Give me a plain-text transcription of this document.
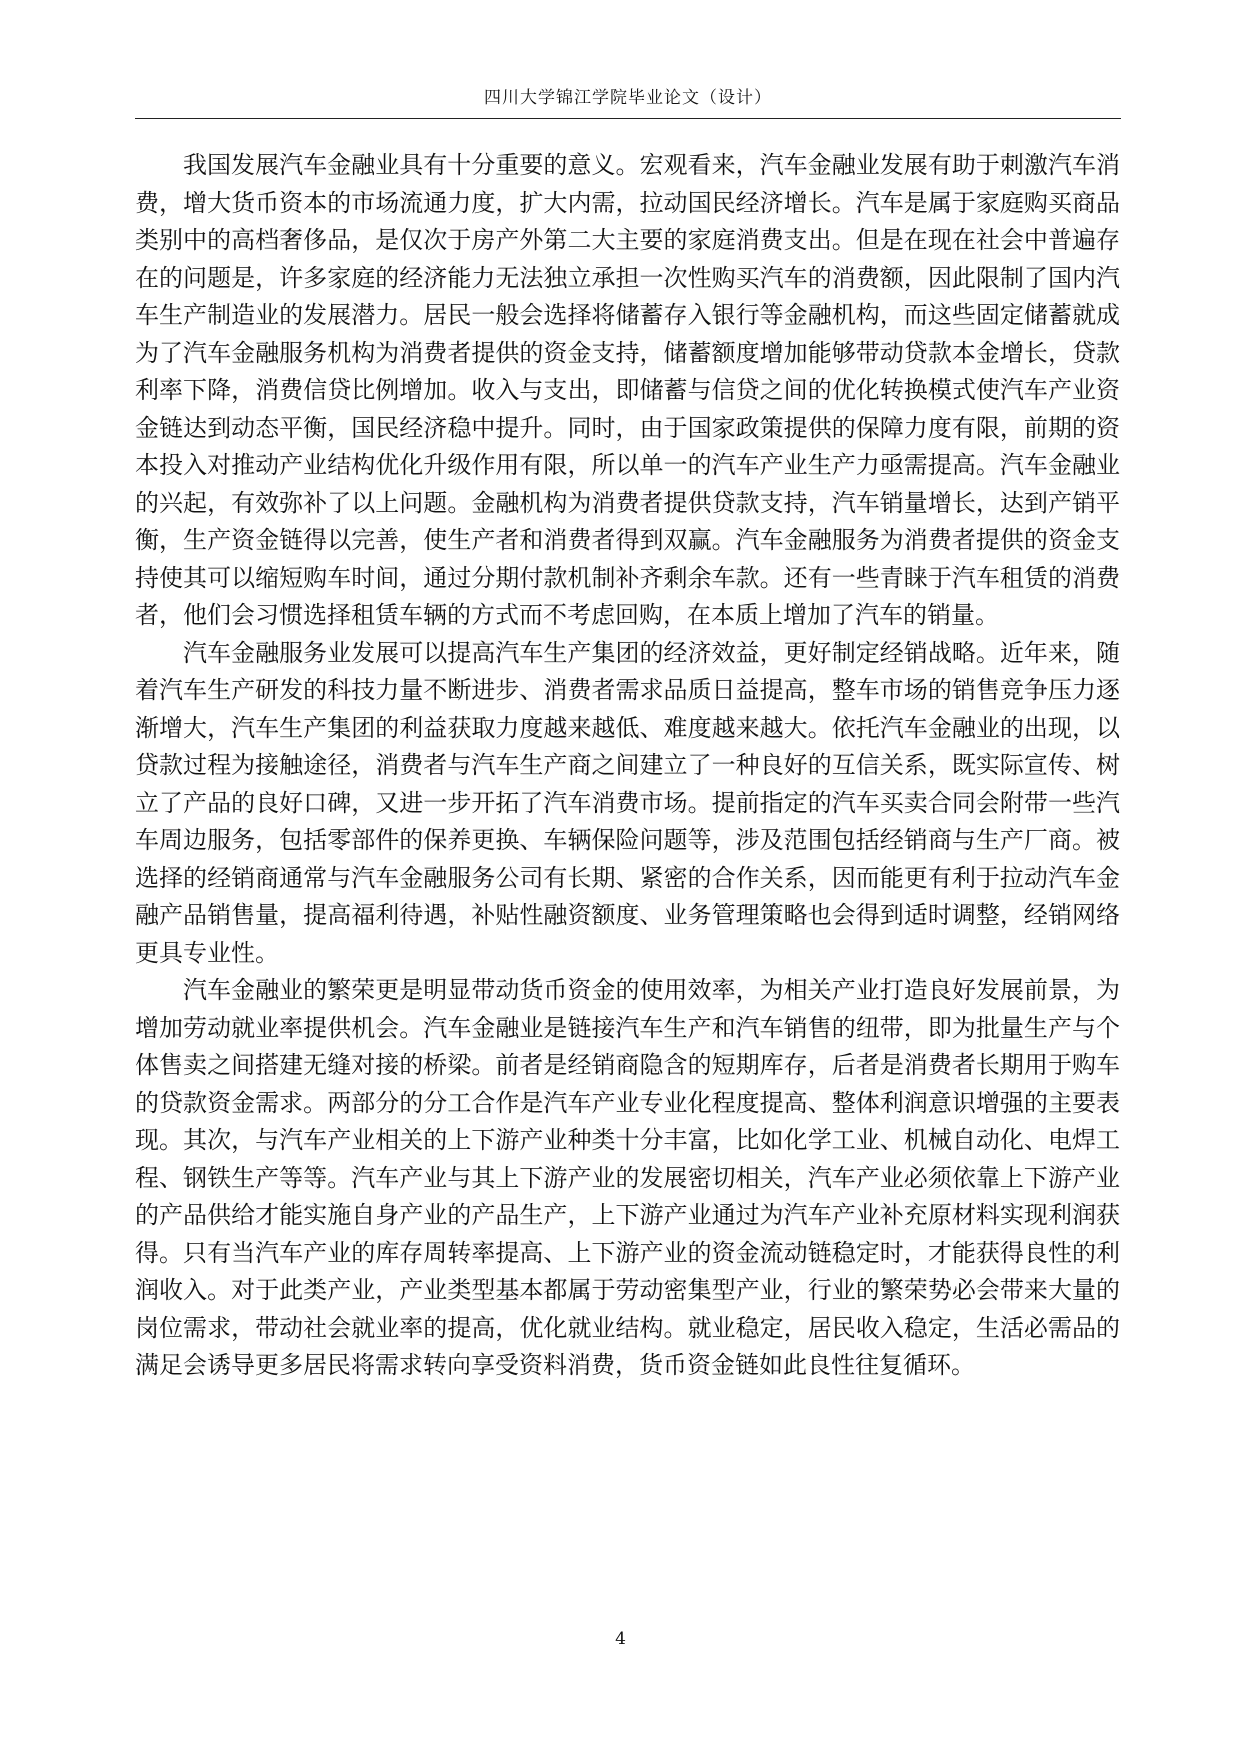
四川大学锦江学院毕业论文（设计）

我国发展汽车金融业具有十分重要的意义。宏观看来，汽车金融业发展有助于刺激汽车消费，增大货币资本的市场流通力度，扩大内需，拉动国民经济增长。汽车是属于家庭购买商品类别中的高档奢侈品，是仅次于房产外第二大主要的家庭消费支出。但是在现在社会中普遍存在的问题是，许多家庭的经济能力无法独立承担一次性购买汽车的消费额，因此限制了国内汽车生产制造业的发展潜力。居民一般会选择将储蓄存入银行等金融机构，而这些固定储蓄就成为了汽车金融服务机构为消费者提供的资金支持，储蓄额度增加能够带动贷款本金增长，贷款利率下降，消费信贷比例增加。收入与支出，即储蓄与信贷之间的优化转换模式使汽车产业资金链达到动态平衡，国民经济稳中提升。同时，由于国家政策提供的保障力度有限，前期的资本投入对推动产业结构优化升级作用有限，所以单一的汽车产业生产力亟需提高。汽车金融业的兴起，有效弥补了以上问题。金融机构为消费者提供贷款支持，汽车销量增长，达到产销平衡，生产资金链得以完善，使生产者和消费者得到双赢。汽车金融服务为消费者提供的资金支持使其可以缩短购车时间，通过分期付款机制补齐剩余车款。还有一些青睐于汽车租赁的消费者，他们会习惯选择租赁车辆的方式而不考虑回购，在本质上增加了汽车的销量。

汽车金融服务业发展可以提高汽车生产集团的经济效益，更好制定经销战略。近年来，随着汽车生产研发的科技力量不断进步、消费者需求品质日益提高，整车市场的销售竞争压力逐渐增大，汽车生产集团的利益获取力度越来越低、难度越来越大。依托汽车金融业的出现，以贷款过程为接触途径，消费者与汽车生产商之间建立了一种良好的互信关系，既实际宣传、树立了产品的良好口碑，又进一步开拓了汽车消费市场。提前指定的汽车买卖合同会附带一些汽车周边服务，包括零部件的保养更换、车辆保险问题等，涉及范围包括经销商与生产厂商。被选择的经销商通常与汽车金融服务公司有长期、紧密的合作关系，因而能更有利于拉动汽车金融产品销售量，提高福利待遇，补贴性融资额度、业务管理策略也会得到适时调整，经销网络更具专业性。

汽车金融业的繁荣更是明显带动货币资金的使用效率，为相关产业打造良好发展前景，为增加劳动就业率提供机会。汽车金融业是链接汽车生产和汽车销售的纽带，即为批量生产与个体售卖之间搭建无缝对接的桥梁。前者是经销商隐含的短期库存，后者是消费者长期用于购车的贷款资金需求。两部分的分工合作是汽车产业专业化程度提高、整体利润意识增强的主要表现。其次，与汽车产业相关的上下游产业种类十分丰富，比如化学工业、机械自动化、电焊工程、钢铁生产等等。汽车产业与其上下游产业的发展密切相关，汽车产业必须依靠上下游产业的产品供给才能实施自身产业的产品生产，上下游产业通过为汽车产业补充原材料实现利润获得。只有当汽车产业的库存周转率提高、上下游产业的资金流动链稳定时，才能获得良性的利润收入。对于此类产业，产业类型基本都属于劳动密集型产业，行业的繁荣势必会带来大量的岗位需求，带动社会就业率的提高，优化就业结构。就业稳定，居民收入稳定，生活必需品的满足会诱导更多居民将需求转向享受资料消费，货币资金链如此良性往复循环。

4
